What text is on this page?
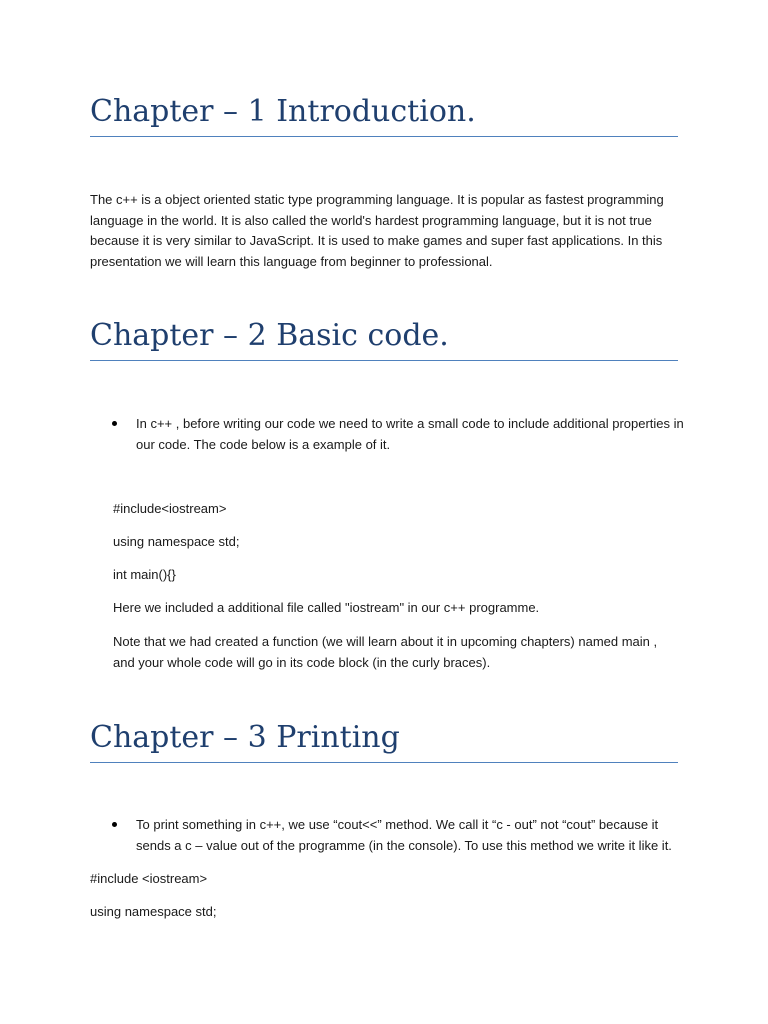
Chapter – 1 Introduction.

The c++ is a object oriented static type programming language. It is popular as fastest programming language in the world. It is also called the world's hardest programming language, but it is not true because it is very similar to JavaScript. It is used to make games and super fast applications. In this presentation we will learn this language from beginner to professional.

Chapter – 2 Basic code.

In c++ , before writing our code we need to write a small code to include additional properties in our code. The code below is a example of it.

#include<iostream>

using namespace std;

int main(){}

Here we included a additional file called "iostream" in our c++ programme.

Note that we had created a function (we will learn about it in upcoming chapters) named main , and your whole code will go in its code block (in the curly braces).

Chapter – 3 Printing

To print something in c++, we use “cout<<” method. We call it “c - out” not “cout” because it sends a c – value out of the programme (in the console). To use this method we write it like it.

#include <iostream>

using namespace std;
